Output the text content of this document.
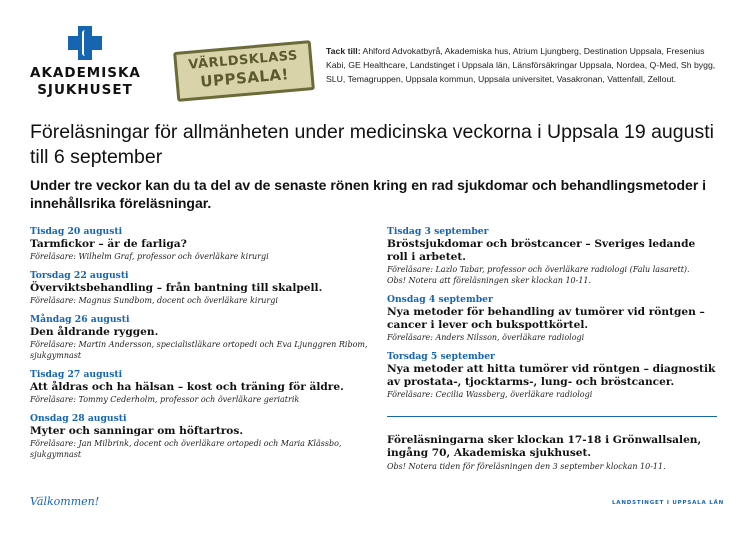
AKADEMISKA
SJUKHUSET
VÄRLDSKLASS
UPPSALA!
Tack till: Ahlford Advokatbyrå, Akademiska hus, Atrium Ljungberg, Destination Uppsala, Fresenius Kabi, GE Healthcare, Landstinget i Uppsala län, Länsförsäkringar Uppsala, Nordea, Q-Med, Sh bygg, SLU, Temagruppen, Uppsala kommun, Uppsala universitet, Vasakronan, Vattenfall, Zellout.
Föreläsningar för allmänheten under medicinska veckorna i Uppsala 19 augusti till 6 september

Under tre veckor kan du ta del av de senaste rönen kring en rad sjukdomar och behandlingsmetoder i innehållsrika föreläsningar.

Tisdag 20 augusti
Tarmfickor – är de farliga?
Föreläsare: Wilhelm Graf, professor och överläkare kirurgi
Torsdag 22 augusti
Överviktsbehandling – från bantning till skalpell.
Föreläsare: Magnus Sundbom, docent och överläkare kirurgi
Måndag 26 augusti
Den åldrande ryggen.
Föreläsare: Martin Andersson, specialistläkare ortopedi och Eva Ljunggren Ribom, sjukgymnast
Tisdag 27 augusti
Att åldras och ha hälsan – kost och träning för äldre.
Föreläsare: Tommy Cederholm, professor och överläkare geriatrik
Onsdag 28 augusti
Myter och sanningar om höftartros.
Föreläsare: Jan Milbrink, docent och överläkare ortopedi och Maria Klässbo, sjukgymnast
Tisdag 3 september
Bröstsjukdomar och bröstcancer – Sveriges ledande roll i arbetet.
Föreläsare: Lazlo Tabar, professor och överläkare radiologi (Falu lasarett).
Obs! Notera att föreläsningen sker klockan 10-11.
Onsdag 4 september
Nya metoder för behandling av tumörer vid röntgen – cancer i lever och bukspottkörtel.
Föreläsare: Anders Nilsson, överläkare radiologi
Torsdag 5 september
Nya metoder att hitta tumörer vid röntgen – diagnostik av prostata-, tjocktarms-, lung- och bröstcancer.
Föreläsare: Cecilia Wassberg, överläkare radiologi
Föreläsningarna sker klockan 17-18 i Grönwallsalen, ingång 70, Akademiska sjukhuset.
Obs! Notera tiden för föreläsningen den 3 september klockan 10-11.
Välkommen!	LANDSTINGET I UPPSALA LÄN
